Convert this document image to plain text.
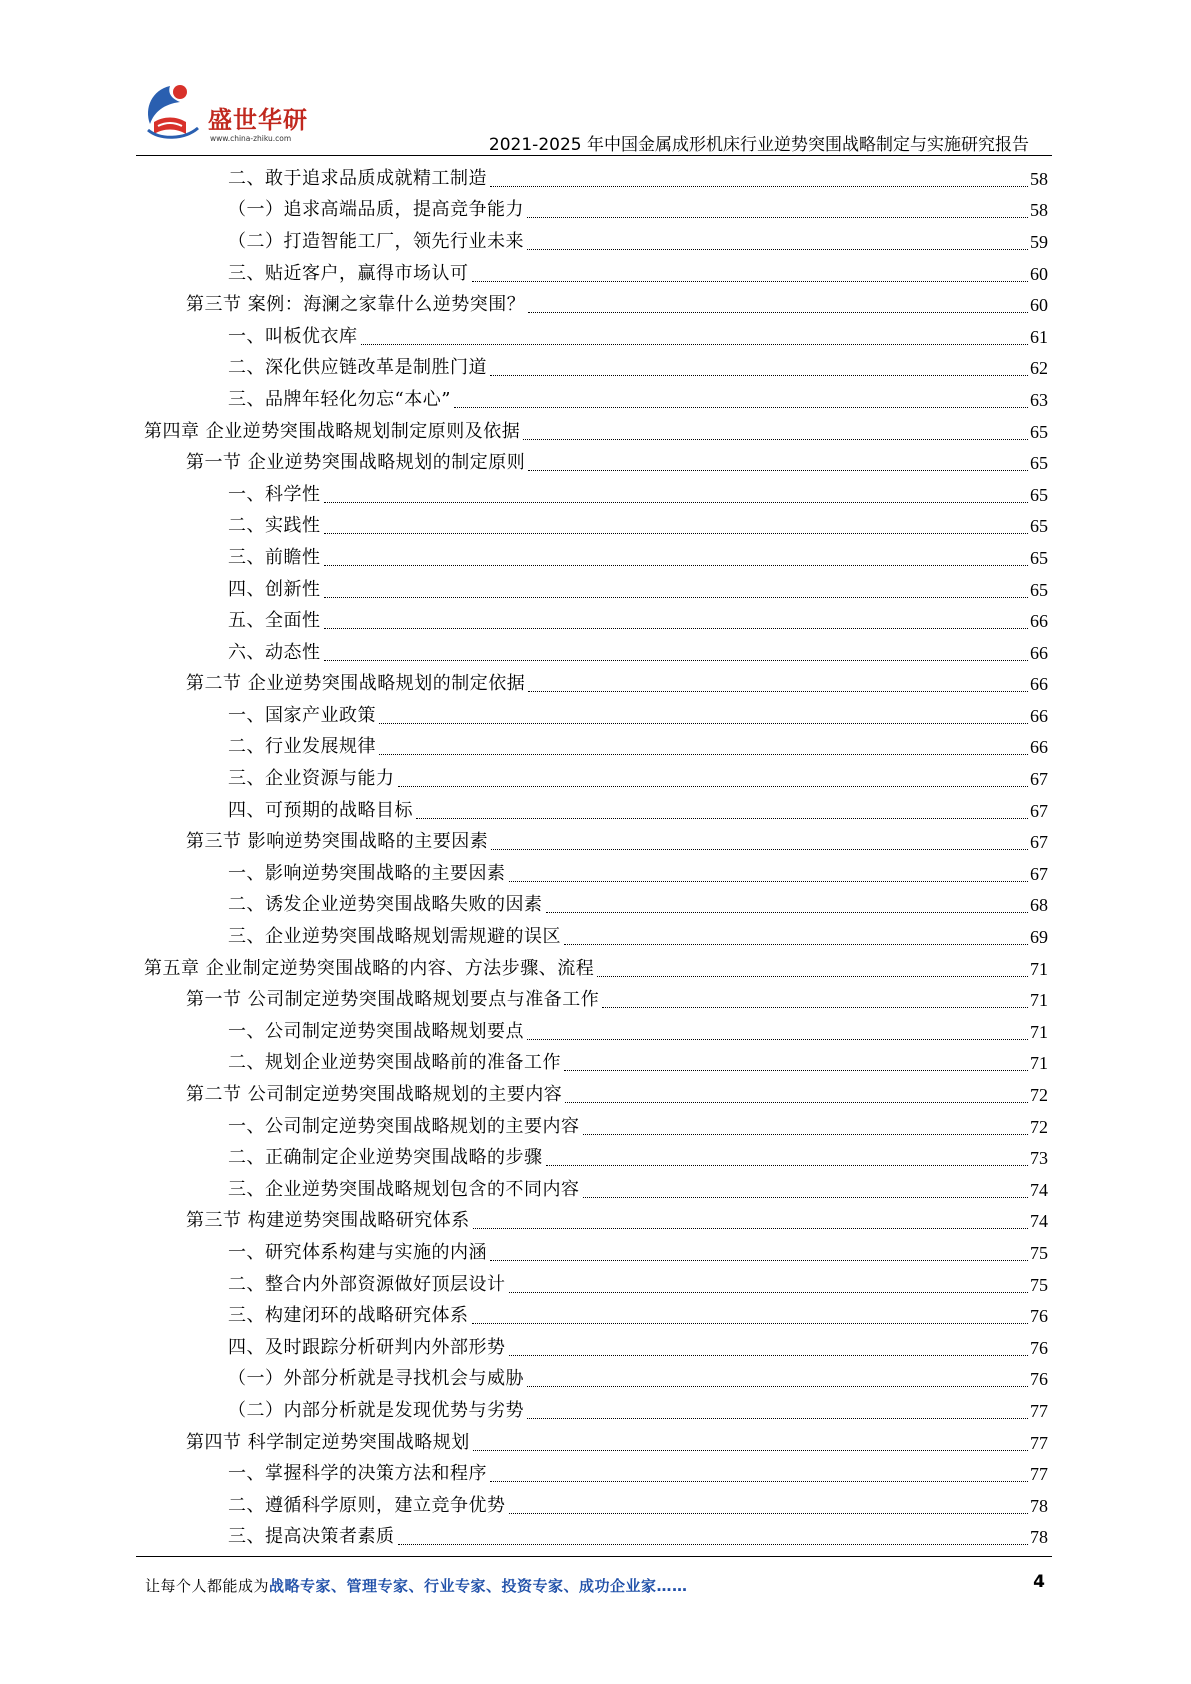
盛世华研
www.china-zhiku.com	2021-2025 年中国金属成形机床行业逆势突围战略制定与实施研究报告
二、敢于追求品质成就精工制造	58
（一）追求高端品质，提高竞争能力	58
（二）打造智能工厂，领先行业未来	59
三、贴近客户，赢得市场认可	60
第三节 案例：海澜之家靠什么逆势突围？	60
一、叫板优衣库	61
二、深化供应链改革是制胜门道	62
三、品牌年轻化勿忘“本心”	63
第四章 企业逆势突围战略规划制定原则及依据	65
第一节 企业逆势突围战略规划的制定原则	65
一、科学性	65
二、实践性	65
三、前瞻性	65
四、创新性	65
五、全面性	66
六、动态性	66
第二节 企业逆势突围战略规划的制定依据	66
一、国家产业政策	66
二、行业发展规律	66
三、企业资源与能力	67
四、可预期的战略目标	67
第三节 影响逆势突围战略的主要因素	67
一、影响逆势突围战略的主要因素	67
二、诱发企业逆势突围战略失败的因素	68
三、企业逆势突围战略规划需规避的误区	69
第五章 企业制定逆势突围战略的内容、方法步骤、流程	71
第一节 公司制定逆势突围战略规划要点与准备工作	71
一、公司制定逆势突围战略规划要点	71
二、规划企业逆势突围战略前的准备工作	71
第二节 公司制定逆势突围战略规划的主要内容	72
一、公司制定逆势突围战略规划的主要内容	72
二、正确制定企业逆势突围战略的步骤	73
三、企业逆势突围战略规划包含的不同内容	74
第三节 构建逆势突围战略研究体系	74
一、研究体系构建与实施的内涵	75
二、整合内外部资源做好顶层设计	75
三、构建闭环的战略研究体系	76
四、及时跟踪分析研判内外部形势	76
（一）外部分析就是寻找机会与威胁	76
（二）内部分析就是发现优势与劣势	77
第四节 科学制定逆势突围战略规划	77
一、掌握科学的决策方法和程序	77
二、遵循科学原则，建立竞争优势	78
三、提高决策者素质	78
让每个人都能成为战略专家、管理专家、行业专家、投资专家、成功企业家……	4
